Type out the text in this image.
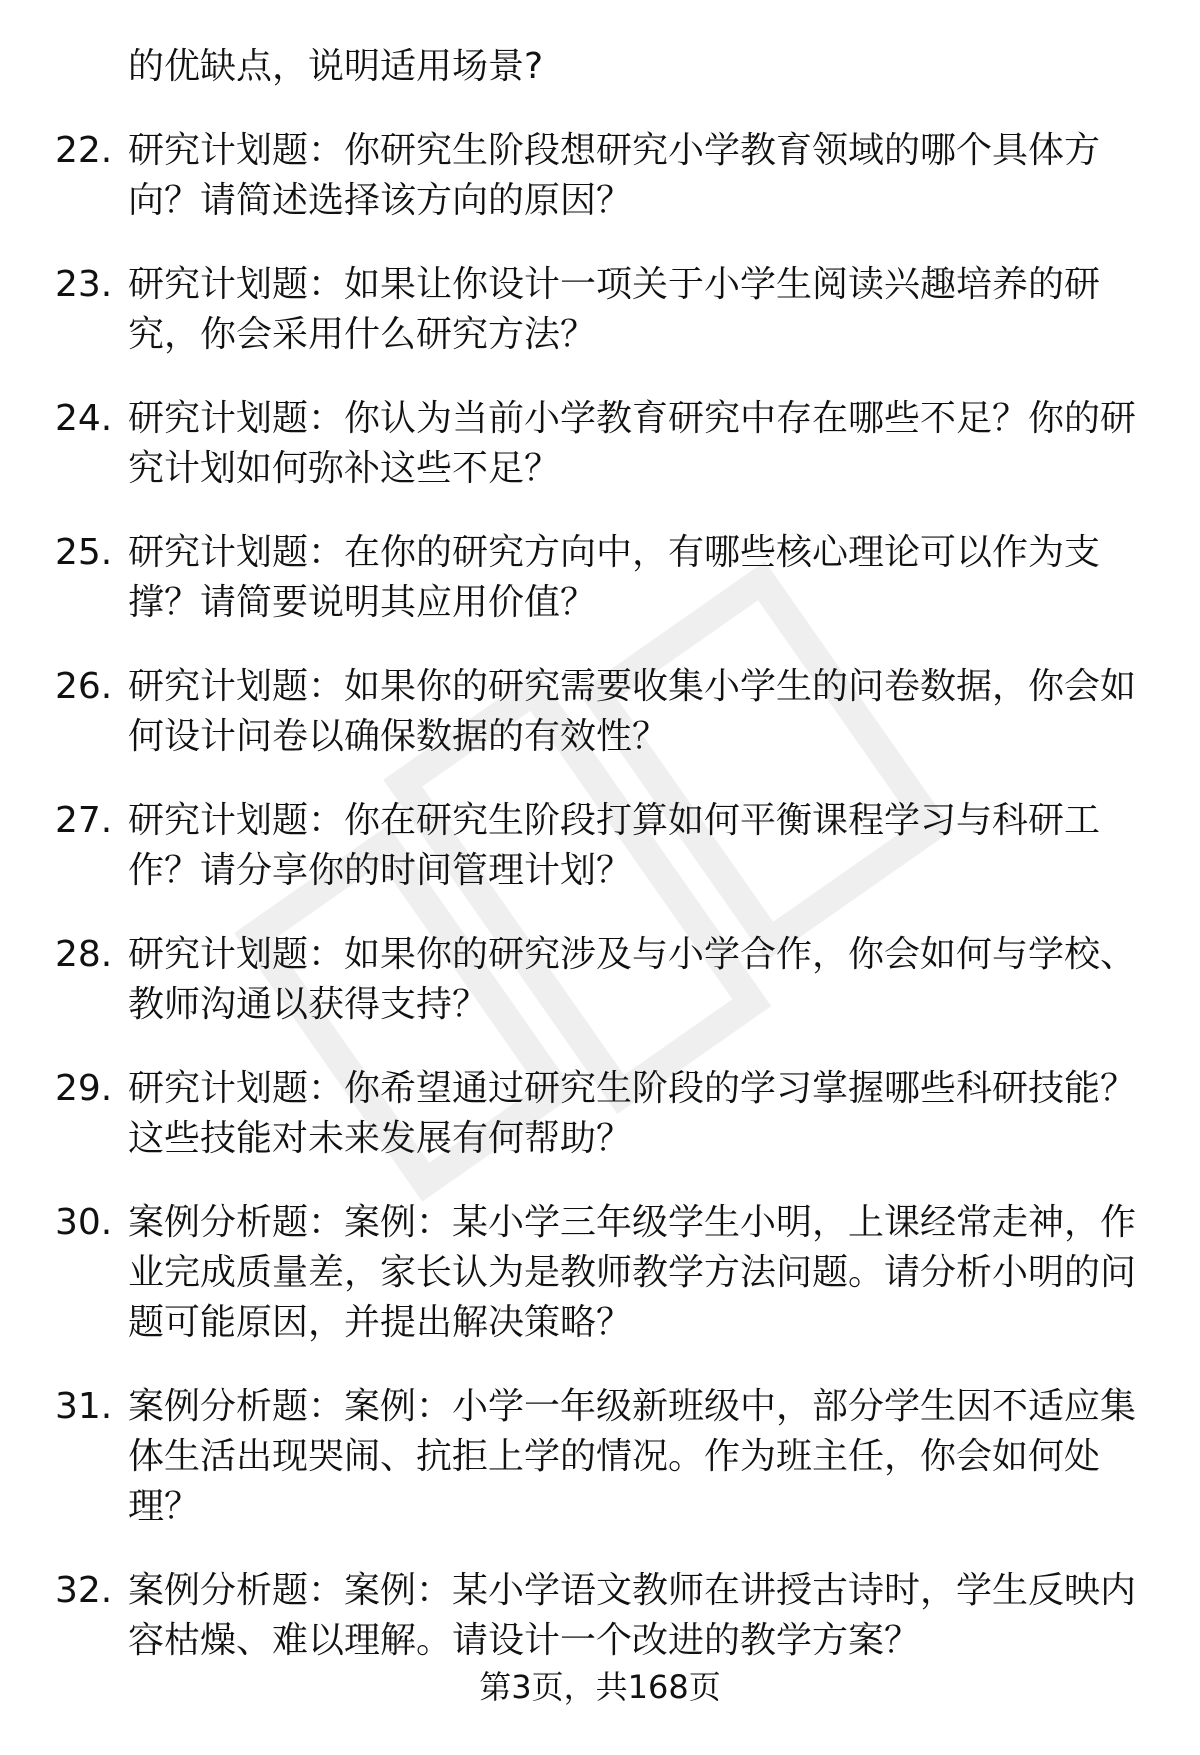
的优缺点，说明适用场景?
22. 研究计划题：你研究生阶段想研究小学教育领域的哪个具体方
向？请简述选择该方向的原因？
23. 研究计划题：如果让你设计一项关于小学生阅读兴趣培养的研
究，你会采用什么研究方法？
24. 研究计划题：你认为当前小学教育研究中存在哪些不足？你的研
究计划如何弥补这些不足？
25. 研究计划题：在你的研究方向中，有哪些核心理论可以作为支
撑？请简要说明其应用价值？
26. 研究计划题：如果你的研究需要收集小学生的问卷数据，你会如
何设计问卷以确保数据的有效性？
27. 研究计划题：你在研究生阶段打算如何平衡课程学习与科研工
作？请分享你的时间管理计划？
28. 研究计划题：如果你的研究涉及与小学合作，你会如何与学校、
教师沟通以获得支持？
29. 研究计划题：你希望通过研究生阶段的学习掌握哪些科研技能？
这些技能对未来发展有何帮助？
30. 案例分析题：案例：某小学三年级学生小明，上课经常走神，作
业完成质量差，家长认为是教师教学方法问题。请分析小明的问
题可能原因，并提出解决策略？
31. 案例分析题：案例：小学一年级新班级中，部分学生因不适应集
体生活出现哭闹、抗拒上学的情况。作为班主任，你会如何处
理？
32. 案例分析题：案例：某小学语文教师在讲授古诗时，学生反映内
容枯燥、难以理解。请设计一个改进的教学方案？
第3页，共168页
